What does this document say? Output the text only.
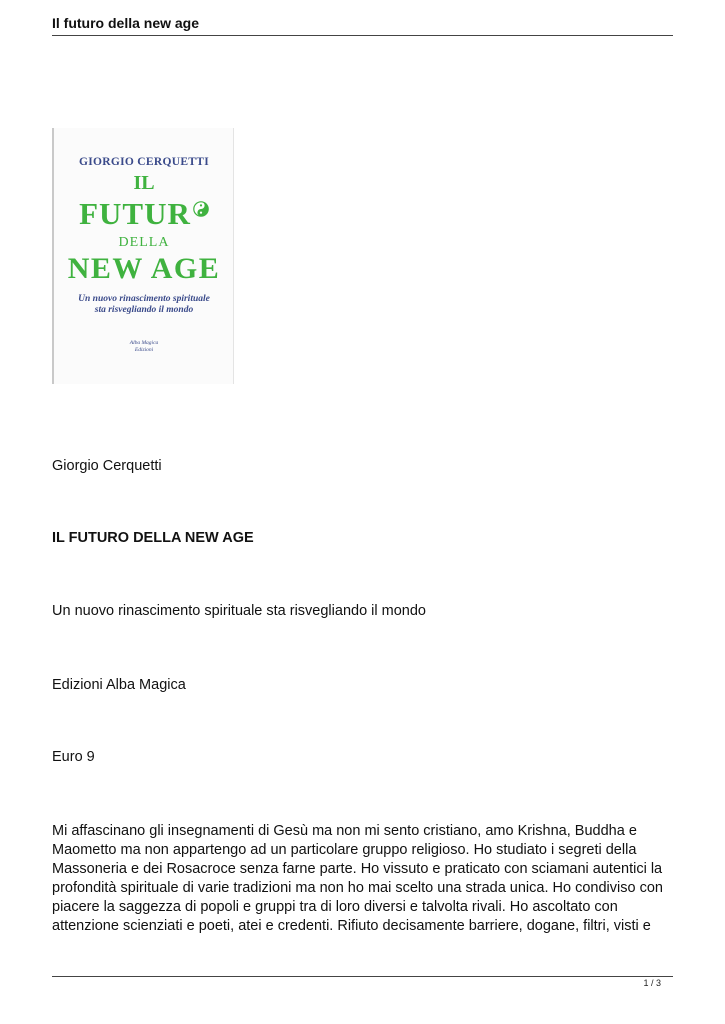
Il futuro della new age
GIORGIO CERQUETTI
IL
FUTUR
DELLA
NEW AGE
Un nuovo rinascimento spirituale
sta risvegliando il mondo
Alba Magica
Edizioni
Giorgio Cerquetti
IL FUTURO DELLA NEW AGE
Un nuovo rinascimento spirituale sta risvegliando il mondo
Edizioni Alba Magica
Euro 9
Mi affascinano gli insegnamenti di Gesù ma non mi sento cristiano, amo Krishna, Buddha e
Maometto ma non appartengo ad un particolare gruppo religioso. Ho studiato i segreti della
Massoneria e dei Rosacroce senza farne parte. Ho vissuto e praticato con sciamani autentici la
profondità spirituale di varie tradizioni ma non ho mai scelto una strada unica. Ho condiviso con
piacere la saggezza di popoli e gruppi tra di loro diversi e talvolta rivali. Ho ascoltato con
attenzione scienziati e poeti, atei e credenti. Rifiuto decisamente barriere, dogane, filtri, visti e
1 / 3
